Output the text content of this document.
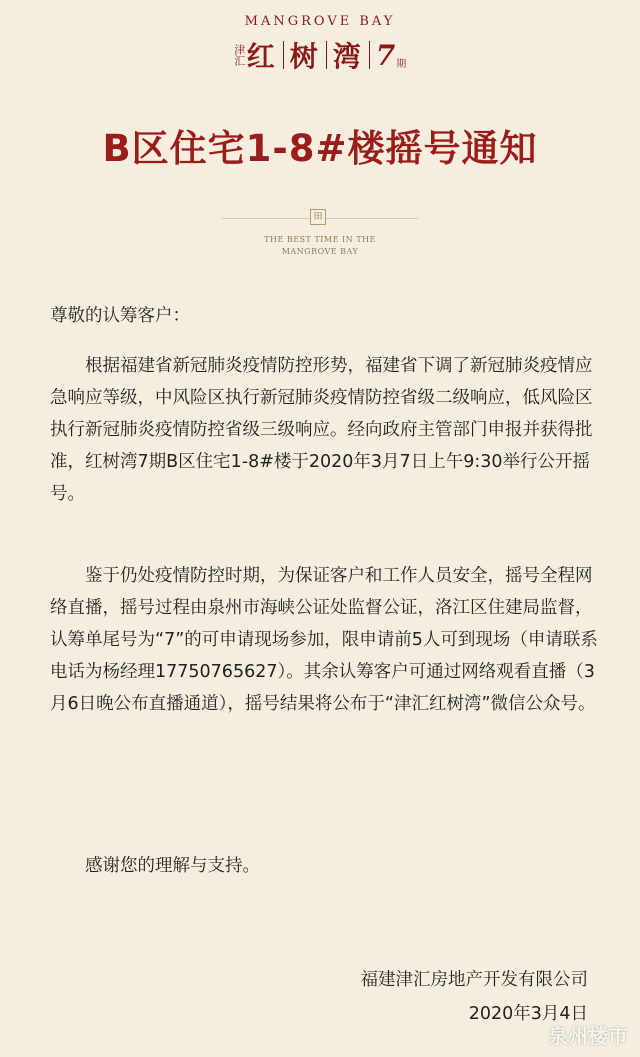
MANGROVE BAY
津汇 红 树 湾 7 期
B区住宅1-8#楼摇号通知
田
THE BEST TIME IN THE
MANGROVE BAY
尊敬的认筹客户：
根据福建省新冠肺炎疫情防控形势，福建省下调了新冠肺炎疫情应急响应等级，中风险区执行新冠肺炎疫情防控省级二级响应，低风险区执行新冠肺炎疫情防控省级三级响应。经向政府主管部门申报并获得批准，红树湾7期B区住宅1-8#楼于2020年3月7日上午9:30举行公开摇号。
鉴于仍处疫情防控时期，为保证客户和工作人员安全，摇号全程网络直播，摇号过程由泉州市海峡公证处监督公证，洛江区住建局监督，认筹单尾号为“7”的可申请现场参加，限申请前5人可到现场（申请联系电话为杨经理17750765627）。其余认筹客户可通过网络观看直播（3月6日晚公布直播通道），摇号结果将公布于“津汇红树湾”微信公众号。
感谢您的理解与支持。
福建津汇房地产开发有限公司
2020年3月4日
泉州楼市
